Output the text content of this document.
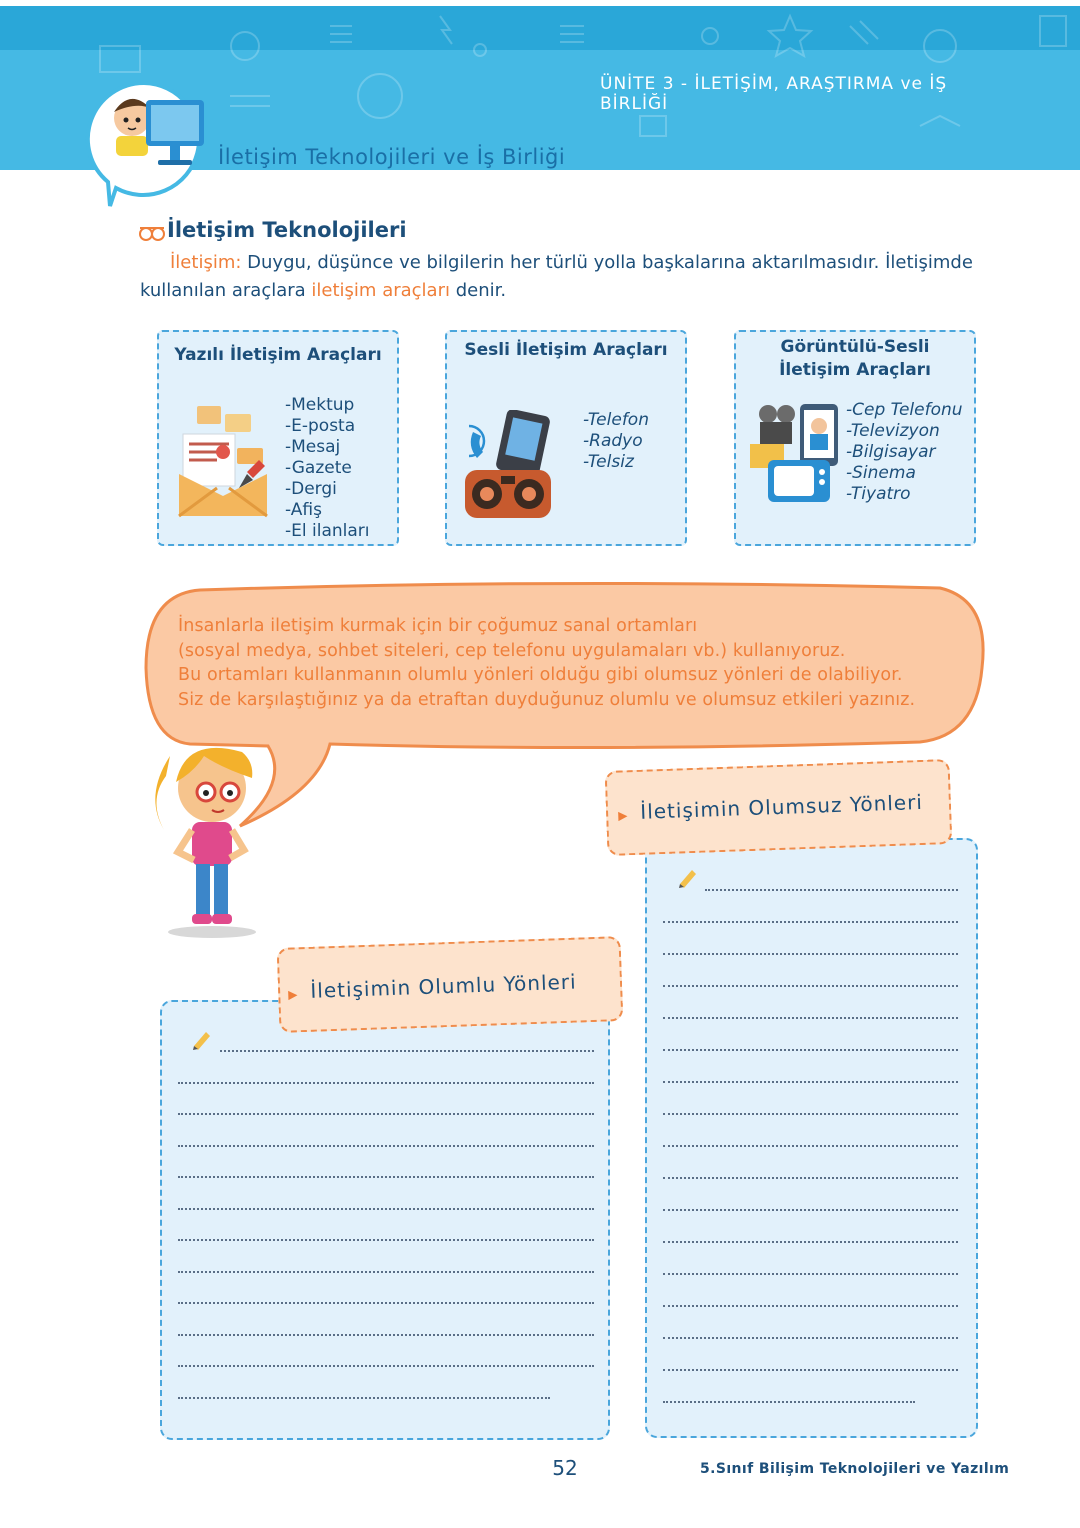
ÜNİTE 3 - İLETİŞİM, ARAŞTIRMA ve İŞ BİRLİĞİ
İletişim Teknolojileri ve İş Birliği
İletişim Teknolojileri
İletişim: Duygu, düşünce ve bilgilerin her türlü yolla başkalarına aktarılmasıdır. İletişimde kullanılan araçlara iletişim araçları denir.
Yazılı İletişim Araçları
-Mektup
-E-posta
-Mesaj
-Gazete
-Dergi
-Afiş
-El ilanları
Sesli İletişim Araçları
-Telefon
-Radyo
-Telsiz
Görüntülü-Sesli İletişim Araçları
-Cep Telefonu
-Televizyon
-Bilgisayar
-Sinema
-Tiyatro
İnsanlarla iletişim kurmak için bir çoğumuz sanal ortamları
(sosyal medya, sohbet siteleri, cep telefonu uygulamaları vb.) kullanıyoruz.
Bu ortamları kullanmanın olumlu yönleri olduğu gibi olumsuz yönleri de olabiliyor.
Siz de karşılaştığınız ya da etraftan duyduğunuz olumlu ve olumsuz etkileri yazınız.
▶ İletişimin Olumsuz Yönleri
▶ İletişimin Olumlu Yönleri
52	5.Sınıf Bilişim Teknolojileri ve Yazılım
